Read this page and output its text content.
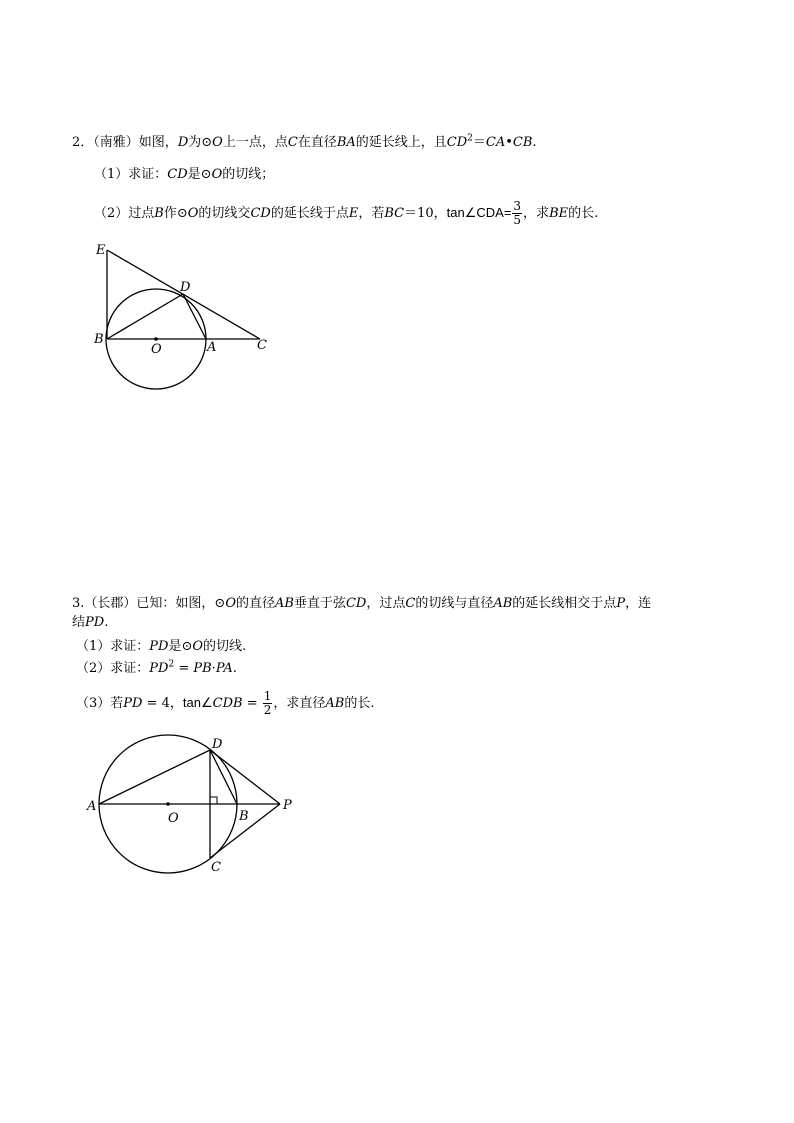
2．（南雅）如图，D为⊙O上一点，点C在直径BA的延长线上，且$CD^2=CA•CB$.
（1）求证：CD是⊙O的切线；
（2）过点B作⊙O的切线交CD的延长线于点E，若BC＝10，tan∠CDA= $\frac{3}{5}$ ，求BE的长.
E
D
B
O	A	C
3.（长郡）已知：如图，⊙O的直径AB垂直于弦CD，过点C的切线与直径AB的延长线相交于点P，连
结PD.
（1）求证：PD是⊙O的切线.
（2）求证：$PD^2 = PB\cdot PA$.
（3）若PD = 4，tan∠CDB = $\frac{1}{2}$ ，求直径AB的长.
D
A
O	B
P
C
